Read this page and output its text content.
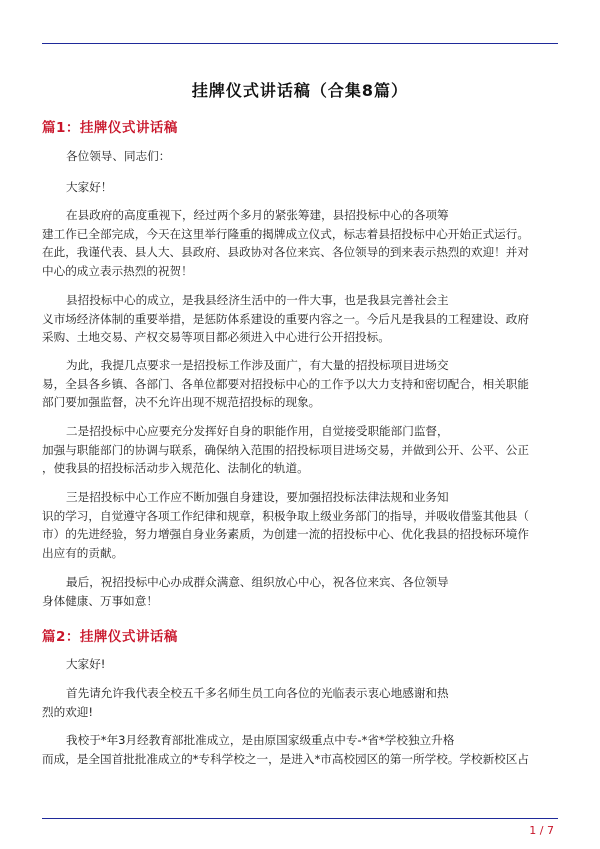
挂牌仪式讲话稿（合集8篇）
篇1：挂牌仪式讲话稿
各位领导、同志们：
大家好！
在县政府的高度重视下，经过两个多月的紧张筹建，县招投标中心的各项筹
建工作已全部完成，今天在这里举行隆重的揭牌成立仪式，标志着县招投标中心开始正式运行。
在此，我谨代表、县人大、县政府、县政协对各位来宾、各位领导的到来表示热烈的欢迎！并对
中心的成立表示热烈的祝贺！
县招投标中心的成立，是我县经济生活中的一件大事，也是我县完善社会主
义市场经济体制的重要举措，是惩防体系建设的重要内容之一。今后凡是我县的工程建设、政府
采购、土地交易、产权交易等项目都必须进入中心进行公开招投标。
为此，我提几点要求一是招投标工作涉及面广，有大量的招投标项目进场交
易，全县各乡镇、各部门、各单位都要对招投标中心的工作予以大力支持和密切配合，相关职能
部门要加强监督，决不允许出现不规范招投标的现象。
二是招投标中心应要充分发挥好自身的职能作用，自觉接受职能部门监督，
加强与职能部门的协调与联系，确保纳入范围的招投标项目进场交易，并做到公开、公平、公正
，使我县的招投标活动步入规范化、法制化的轨道。
三是招投标中心工作应不断加强自身建设，要加强招投标法律法规和业务知
识的学习，自觉遵守各项工作纪律和规章，积极争取上级业务部门的指导，并吸收借鉴其他县（
市）的先进经验，努力增强自身业务素质，为创建一流的招投标中心、优化我县的招投标环境作
出应有的贡献。
最后，祝招投标中心办成群众满意、组织放心中心，祝各位来宾、各位领导
身体健康、万事如意！
篇2：挂牌仪式讲话稿
大家好!
首先请允许我代表全校五千多名师生员工向各位的光临表示衷心地感谢和热
烈的欢迎!
我校于*年3月经教育部批准成立，是由原国家级重点中专-*省*学校独立升格
而成，是全国首批批准成立的*专科学校之一，是进入*市高校园区的第一所学校。学校新校区占
1 / 7
